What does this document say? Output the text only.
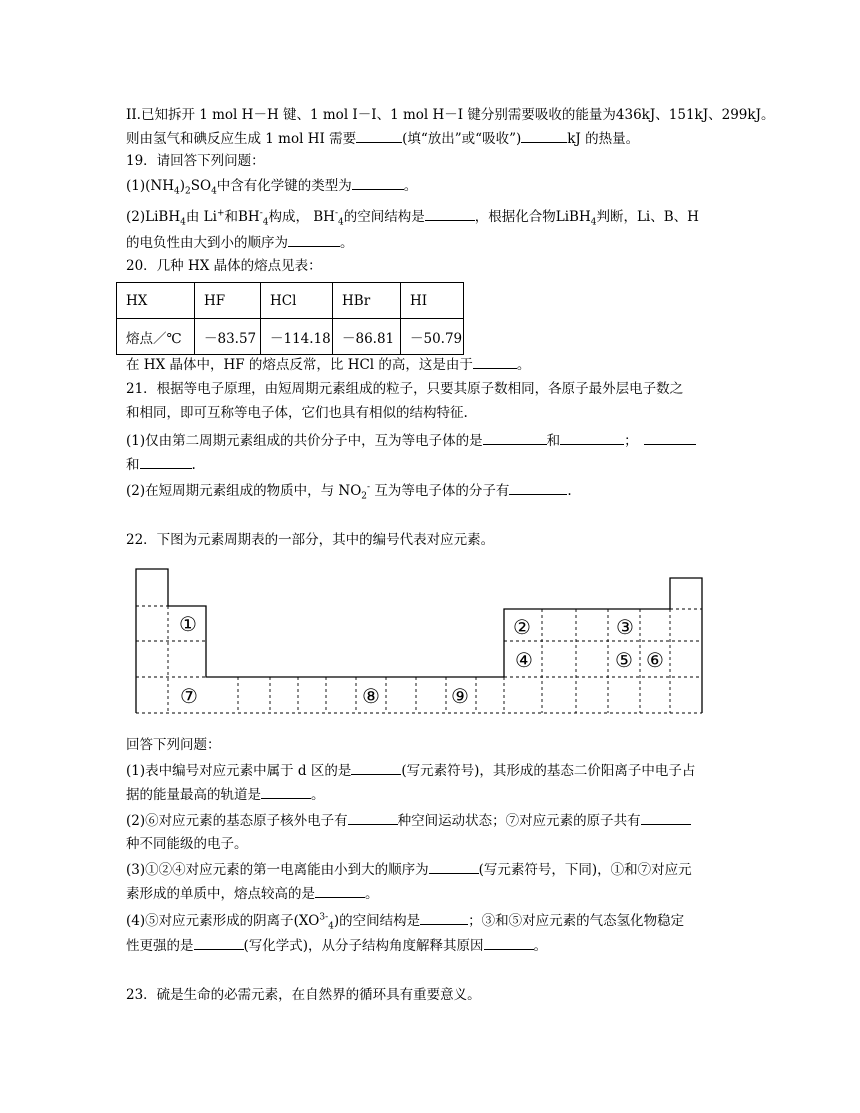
II.已知拆开 1 mol H－H 键、1 mol I－I、1 mol H－I 键分别需要吸收的能量为436kJ、151kJ、299kJ。
则由氢气和碘反应生成 1 mol HI 需要	(填“放出”或“吸收”)	kJ 的热量。
19．请回答下列问题：
$(1)(NH_4)_2SO_4$中含有化学键的类型为	。
(2)LiBH$_4$由 Li+和$BH^-_4$构成， $BH^-_4$的空间结构是	，根据化合物LiBH$_4$判断，Li、B、H
的电负性由大到小的顺序为	。
20．几种 HX 晶体的熔点见表：
HX	HF	HCl	HBr	HI
熔点／℃	－83.57	－114.18	－86.81	－50.79
在 HX 晶体中，HF 的熔点反常，比 HCl 的高，这是由于	。
21．根据等电子原理，由短周期元素组成的粒子，只要其原子数相同，各原子最外层电子数之
和相同，即可互称等电子体，它们也具有相似的结构特征.
(1)仅由第二周期元素组成的共价分子中，互为等电子体的是	和	；
和	.
(2)在短周期元素组成的物质中，与 $NO_2^-$ 互为等电子体的分子有	.
22．下图为元素周期表的一部分，其中的编号代表对应元素。
①	②	③
④	⑤ ⑥
⑦	⑧	⑨
回答下列问题：
(1)表中编号对应元素中属于 d 区的是	(写元素符号)，其形成的基态二价阳离子中电子占
据的能量最高的轨道是	。
(2)⑥对应元素的基态原子核外电子有	种空间运动状态；⑦对应元素的原子共有
种不同能级的电子。
(3)①②④对应元素的第一电离能由小到大的顺序为	(写元素符号，下同)，①和⑦对应元
素形成的单质中，熔点较高的是	。
(4)⑤对应元素形成的阴离子$(XO^{3-}_4)$的空间结构是	；③和⑤对应元素的气态氢化物稳定
性更强的是	(写化学式)，从分子结构角度解释其原因	。
23．硫是生命的必需元素，在自然界的循环具有重要意义。
